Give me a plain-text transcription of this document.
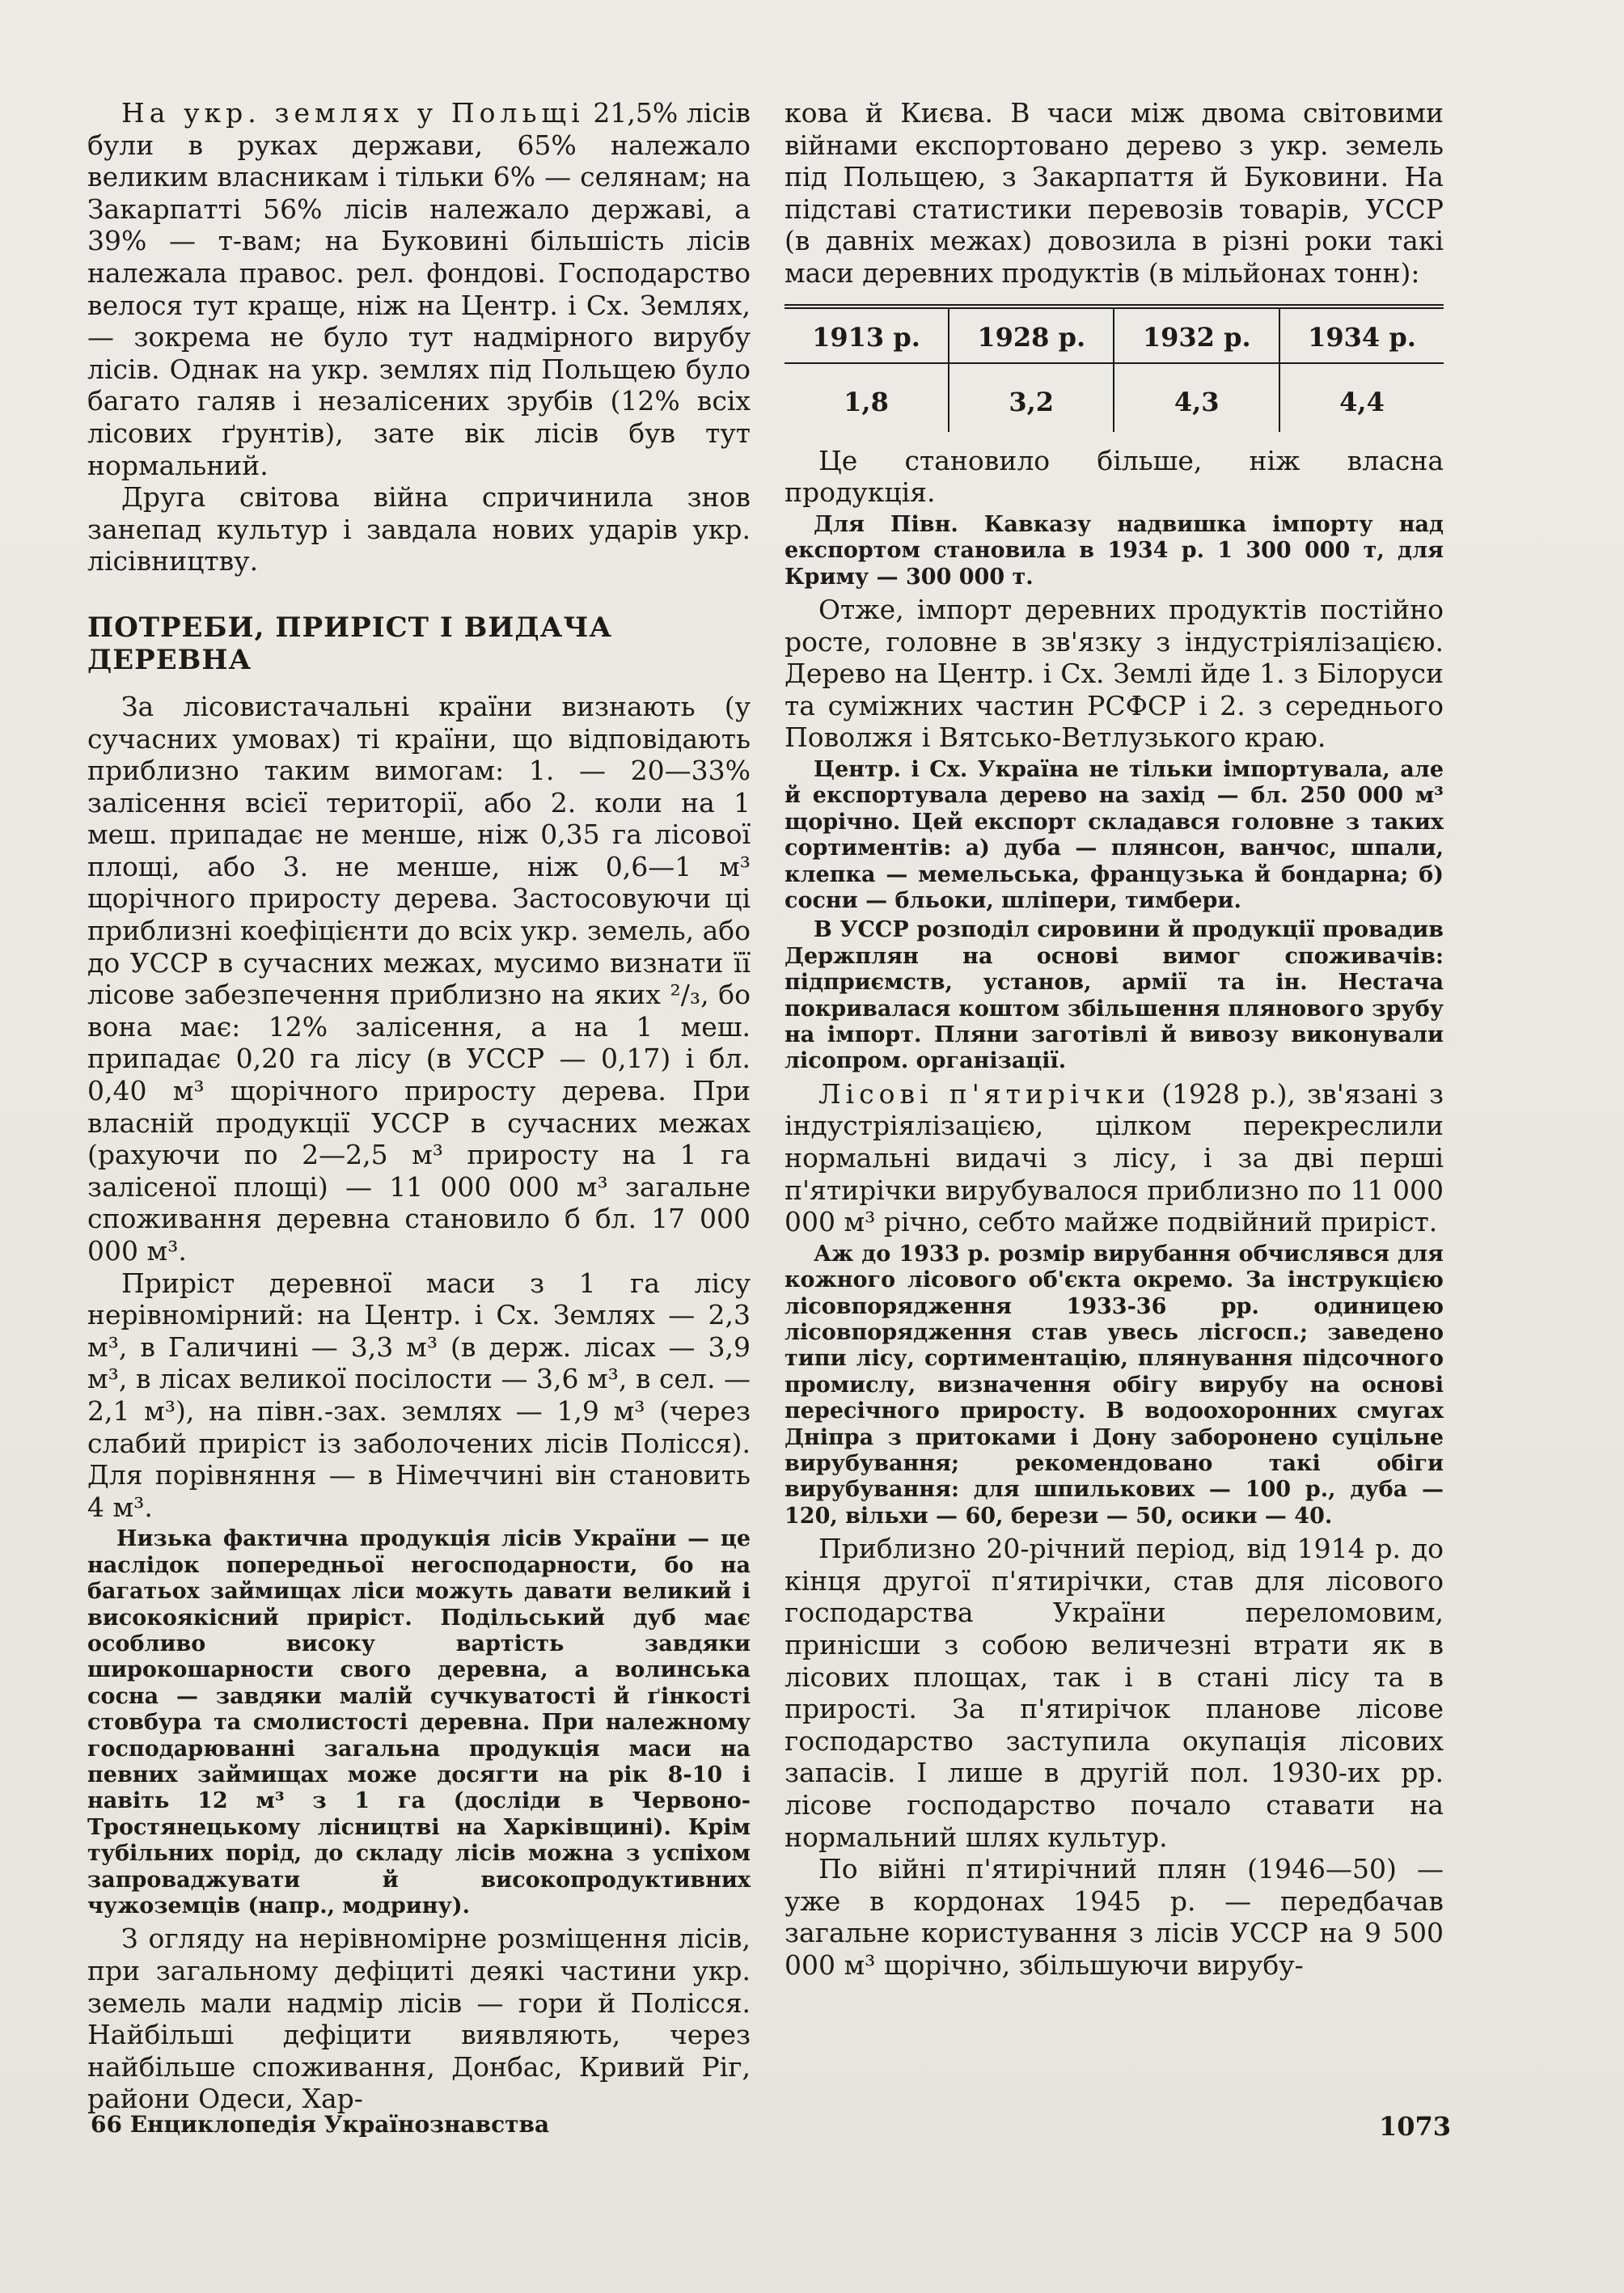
На укр. землях у Польщі 21,5% лісів були в руках держави, 65% належало великим власникам і тільки 6% — селянам; на Закарпатті 56% лісів належало державі, а 39% — т-вам; на Буковині більшість лісів належала правос. рел. фондові. Господарство велося тут краще, ніж на Центр. і Сх. Землях, — зокрема не було тут надмірного вирубу лісів. Однак на укр. землях під Польщею було багато галяв і незалісених зрубів (12% всіх лісових ґрунтів), зате вік лісів був тут нормальний.

Друга світова війна спричинила знов занепад культур і завдала нових ударів укр. лісівництву.

ПОТРЕБИ, ПРИРІСТ І ВИДАЧА ДЕРЕВНА

За лісовистачальні країни визнають (у сучасних умовах) ті країни, що відповідають приблизно таким вимогам: 1. — 20—33% залісення всієї території, або 2. коли на 1 меш. припадає не менше, ніж 0,35 га лісової площі, або 3. не менше, ніж 0,6—1 м³ щорічного приросту дерева. Застосовуючи ці приблизні коефіцієнти до всіх укр. земель, або до УССР в сучасних межах, мусимо визнати її лісове забезпечення приблизно на яких ²/₃, бо вона має: 12% залісення, а на 1 меш. припадає 0,20 га лісу (в УССР — 0,17) і бл. 0,40 м³ щорічного приросту дерева. При власній продукції УССР в сучасних межах (рахуючи по 2—2,5 м³ приросту на 1 га залісеної площі) — 11 000 000 м³ загальне споживання деревна становило б бл. 17 000 000 м³.

Приріст деревної маси з 1 га лісу нерівномірний: на Центр. і Сх. Землях — 2,3 м³, в Галичині — 3,3 м³ (в держ. лісах — 3,9 м³, в лісах великої посілости — 3,6 м³, в сел. — 2,1 м³), на півн.-зах. землях — 1,9 м³ (через слабий приріст із заболочених лісів Полісся). Для порівняння — в Німеччині він становить 4 м³.

Низька фактична продукція лісів України — це наслідок попередньої негосподарности, бо на багатьох займищах ліси можуть давати великий і високоякісний приріст. Подільський дуб має особливо високу вартість завдяки широкошарности свого деревна, а волинська сосна — завдяки малій сучкуватості й ґінкості стовбура та смолистості деревна. При належному господарюванні загальна продукція маси на певних займищах може досягти на рік 8-10 і навіть 12 м³ з 1 га (досліди в Червоно-Тростянецькому лісництві на Харківщині). Крім тубільних порід, до складу лісів можна з успіхом запроваджувати й високопродуктивних чужоземців (напр., модрину).

З огляду на нерівномірне розміщення лісів, при загальному дефіциті деякі частини укр. земель мали надмір лісів — гори й Полісся. Найбільші дефіцити виявляють, через найбільше споживання, Донбас, Кривий Ріг, райони Одеси, Хар-

кова й Києва. В часи між двома світовими війнами експортовано дерево з укр. земель під Польщею, з Закарпаття й Буковини. На підставі статистики перевозів товарів, УССР (в давніх межах) довозила в різні роки такі маси деревних продуктів (в мільйонах тонн):

1913 р.	1928 р.	1932 р.	1934 р.
1,8	3,2	4,3	4,4

Це становило більше, ніж власна продукція.

Для Півн. Кавказу надвишка імпорту над експортом становила в 1934 р. 1 300 000 т, для Криму — 300 000 т.

Отже, імпорт деревних продуктів постійно росте, головне в зв'язку з індустріялізацією. Дерево на Центр. і Сх. Землі йде 1. з Білоруси та суміжних частин РСФСР і 2. з середнього Поволжя і Вятсько-Ветлузького краю.

Центр. і Сх. Україна не тільки імпортувала, але й експортувала дерево на захід — бл. 250 000 м³ щорічно. Цей експорт складався головне з таких сортиментів: а) дуба — плянсон, ванчос, шпали, клепка — мемельська, французька й бондарна; б) сосни — бльоки, шліпери, тимбери.

В УССР розподіл сировини й продукції провадив Держплян на основі вимог споживачів: підприємств, установ, армії та ін. Нестача покривалася коштом збільшення плянового зрубу на імпорт. Пляни заготівлі й вивозу виконували лісопром. організації.

Лісові п'ятирічки (1928 р.), зв'язані з індустріялізацією, цілком перекреслили нормальні видачі з лісу, і за дві перші п'ятирічки вирубувалося приблизно по 11 000 000 м³ річно, себто майже подвійний приріст.

Аж до 1933 р. розмір вирубання обчислявся для кожного лісового об'єкта окремо. За інструкцією лісовпорядження 1933-36 рр. одиницею лісовпорядження став увесь лісгосп.; заведено типи лісу, сортиментацію, плянування підсочного промислу, визначення обігу вирубу на основі пересічного приросту. В водоохоронних смугах Дніпра з притоками і Дону заборонено суцільне вирубування; рекомендовано такі обіги вирубування: для шпилькових — 100 р., дуба — 120, вільхи — 60, берези — 50, осики — 40.

Приблизно 20-річний період, від 1914 р. до кінця другої п'ятирічки, став для лісового господарства України переломовим, принісши з собою величезні втрати як в лісових площах, так і в стані лісу та в прирості. За п'ятирічок планове лісове господарство заступила окупація лісових запасів. І лише в другій пол. 1930-их рр. лісове господарство почало ставати на нормальний шлях культур.

По війні п'ятирічний плян (1946—50) — уже в кордонах 1945 р. — передбачав загальне користування з лісів УССР на 9 500 000 м³ щорічно, збільшуючи вирубу-

66 Енциклопедія Українознавства	1073
